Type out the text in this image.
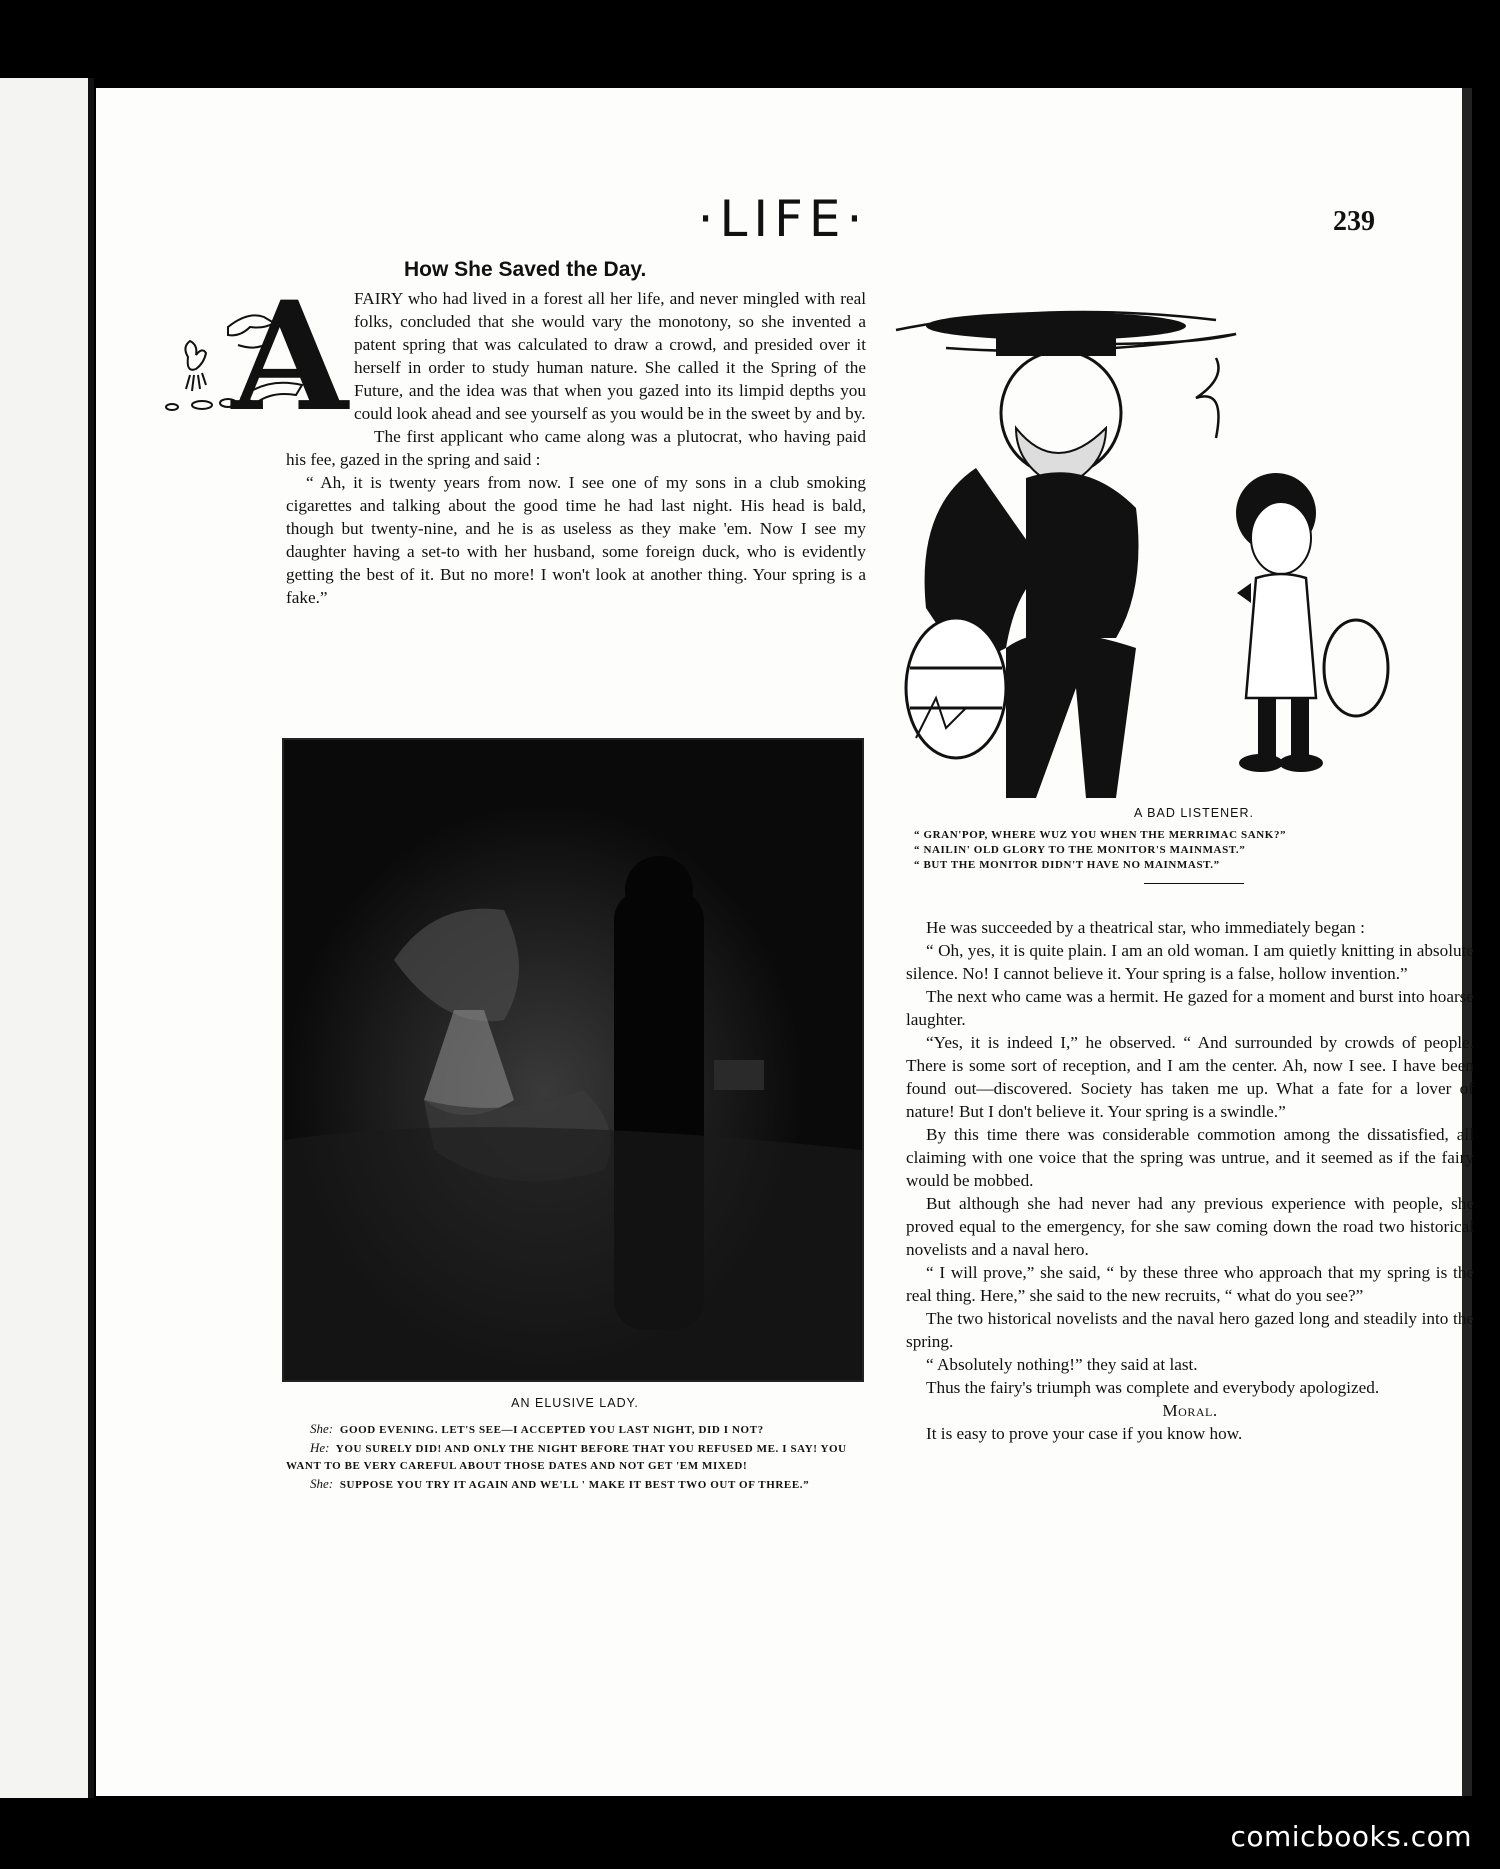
·LIFE·	239
How She Saved the Day.
A FAIRY who had lived in a forest all her life, and never mingled with real folks, concluded that she would vary the monotony, so she invented a patent spring that was calculated to draw a crowd, and presided over it herself in order to study human nature. She called it the Spring of the Future, and the idea was that when you gazed into its limpid depths you could look ahead and see yourself as you would be in the sweet by and by.

The first applicant who came along was a plutocrat, who having paid his fee, gazed in the spring and said :

“ Ah, it is twenty years from now. I see one of my sons in a club smoking cigarettes and talking about the good time he had last night. His head is bald, though but twenty-nine, and he is as useless as they make 'em. Now I see my daughter having a set-to with her husband, some foreign duck, who is evidently getting the best of it. But no more! I won't look at another thing. Your spring is a fake.”

AN ELUSIVE LADY.
She: GOOD EVENING. LET'S SEE—I ACCEPTED YOU LAST NIGHT, DID I NOT?
He: YOU SURELY DID! AND ONLY THE NIGHT BEFORE THAT YOU REFUSED ME. I SAY! YOU WANT TO BE VERY CAREFUL ABOUT THOSE DATES AND NOT GET 'EM MIXED!
She: SUPPOSE YOU TRY IT AGAIN AND WE'LL ' MAKE IT BEST TWO OUT OF THREE.”
A BAD LISTENER.
“ GRAN'POP, WHERE WUZ YOU WHEN THE MERRIMAC SANK?”
“ NAILIN' OLD GLORY TO THE MONITOR'S MAINMAST.”
“ BUT THE MONITOR DIDN'T HAVE NO MAINMAST.”

He was succeeded by a theatrical star, who immediately began :

“ Oh, yes, it is quite plain. I am an old woman. I am quietly knitting in absolute silence. No! I cannot believe it. Your spring is a false, hollow invention.”

The next who came was a hermit. He gazed for a moment and burst into hoarse laughter.

“Yes, it is indeed I,” he observed. “ And surrounded by crowds of people. There is some sort of reception, and I am the center. Ah, now I see. I have been found out—discovered. Society has taken me up. What a fate for a lover of nature! But I don't believe it. Your spring is a swindle.”

By this time there was considerable commotion among the dissatisfied, all claiming with one voice that the spring was untrue, and it seemed as if the fairy would be mobbed.

But although she had never had any previous experience with people, she proved equal to the emergency, for she saw coming down the road two historical novelists and a naval hero.

“ I will prove,” she said, “ by these three who approach that my spring is the real thing. Here,” she said to the new recruits, “ what do you see?”

The two historical novelists and the naval hero gazed long and steadily into the spring.

“ Absolutely nothing!” they said at last.

Thus the fairy's triumph was complete and everybody apologized.

Moral.

It is easy to prove your case if you know how.

comicbooks.com
